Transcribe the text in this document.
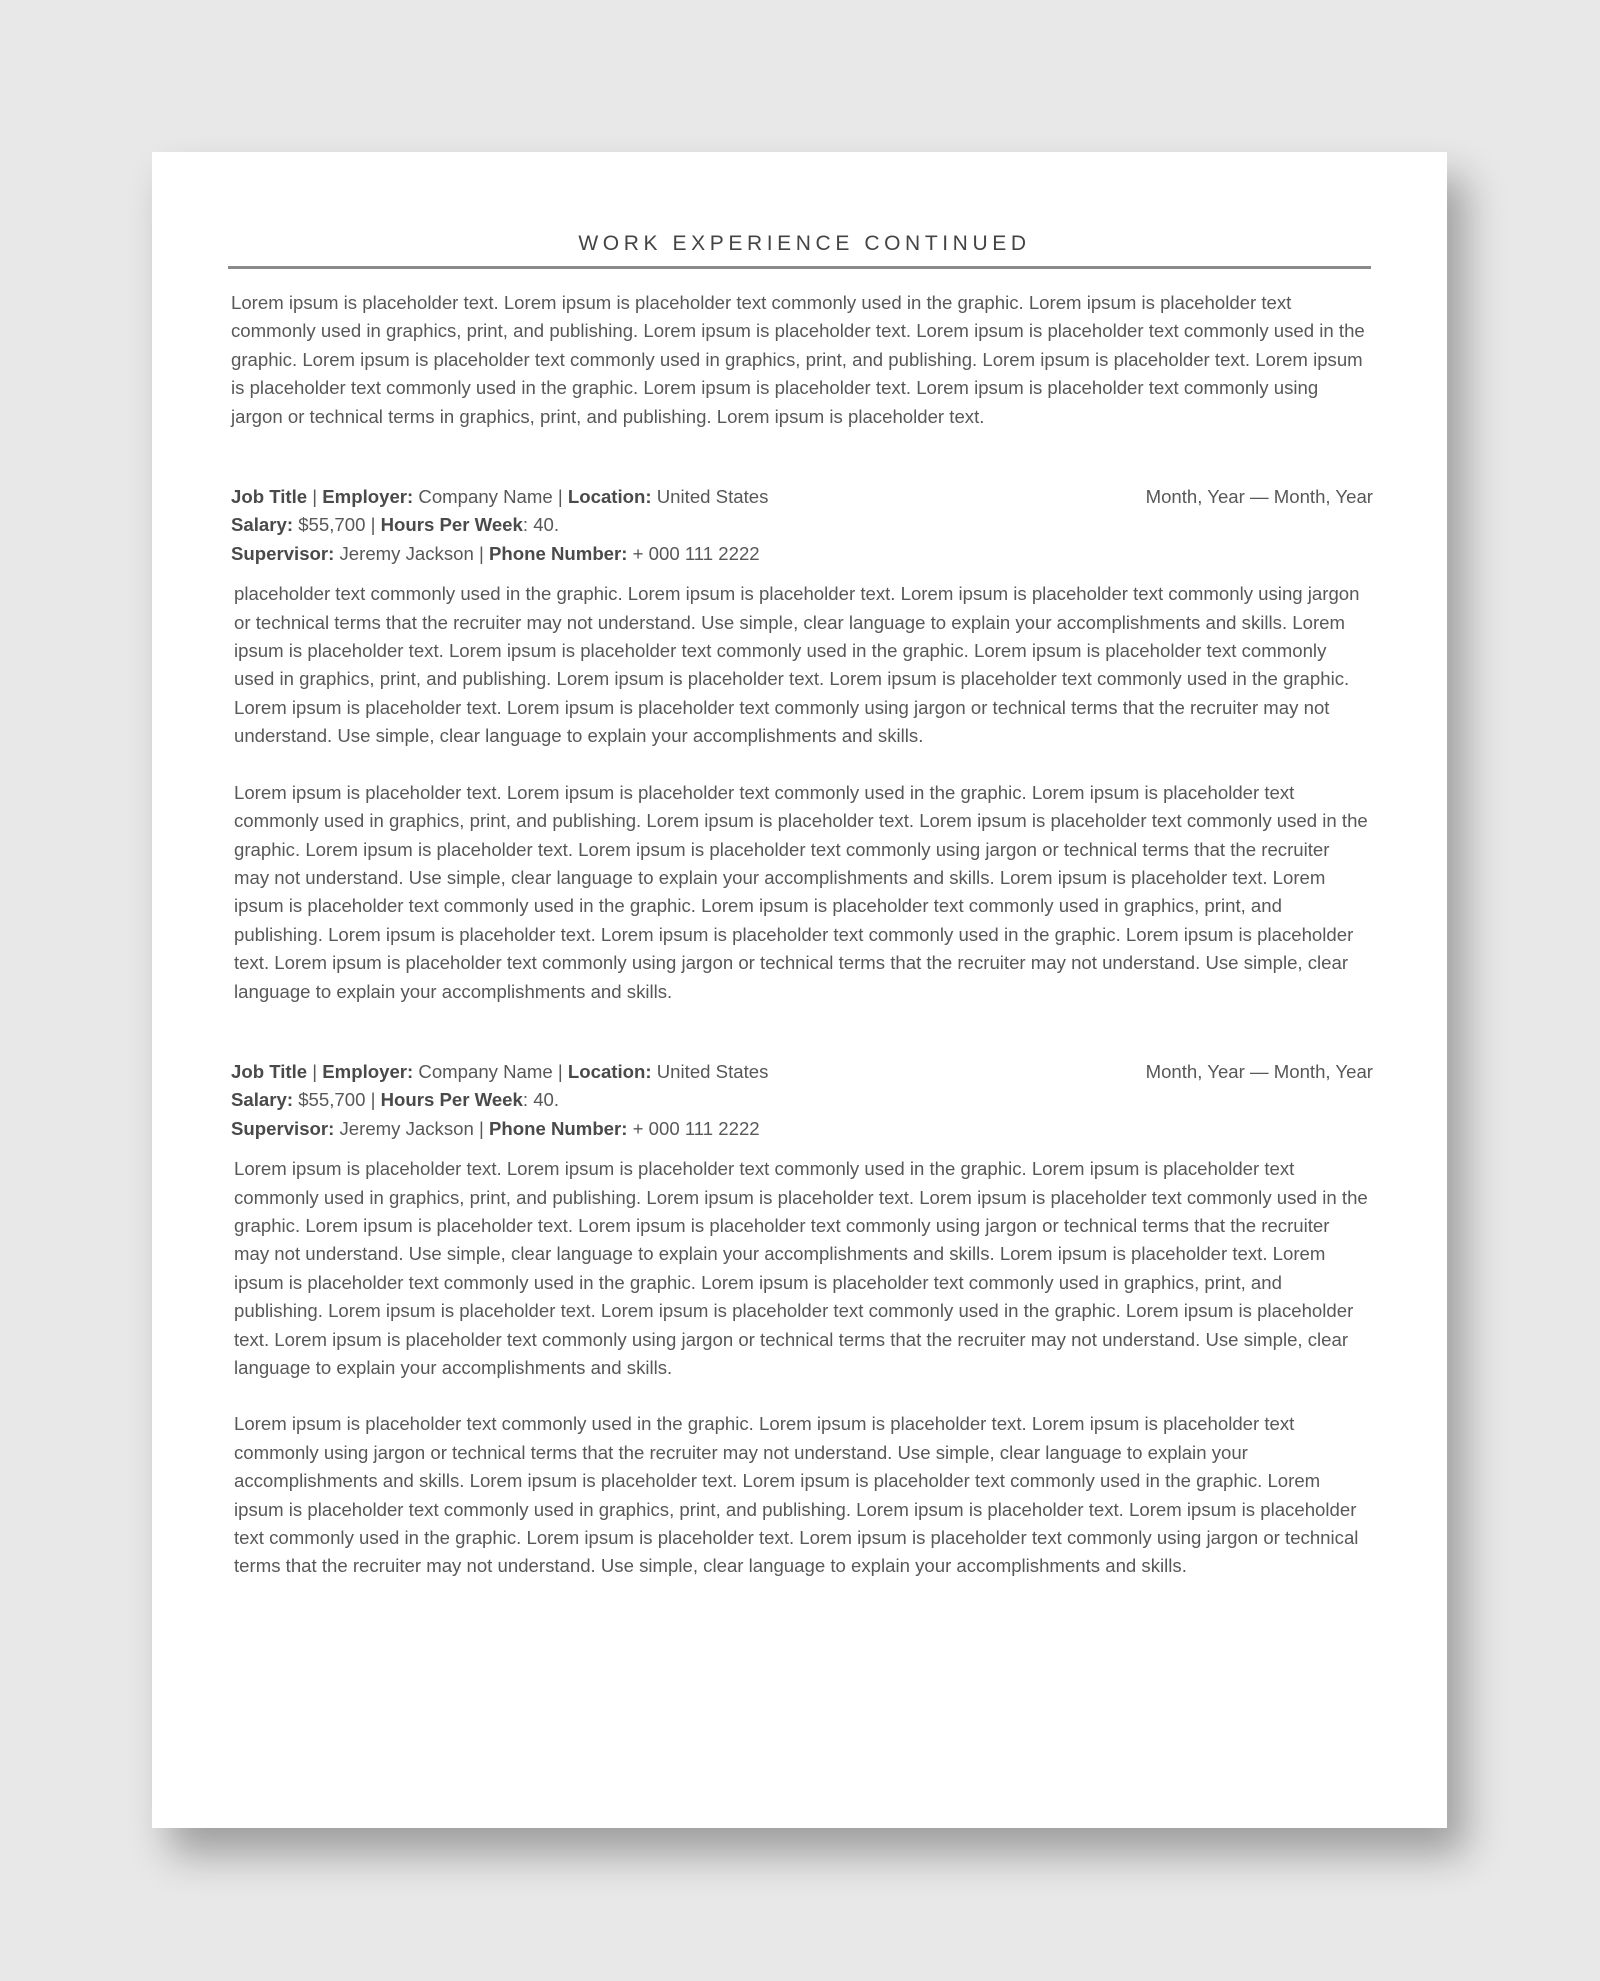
WORK EXPERIENCE CONTINUED

Lorem ipsum is placeholder text. Lorem ipsum is placeholder text commonly used in the graphic. Lorem ipsum is placeholder text commonly used in graphics, print, and publishing. Lorem ipsum is placeholder text. Lorem ipsum is placeholder text commonly used in the graphic. Lorem ipsum is placeholder text commonly used in graphics, print, and publishing. Lorem ipsum is placeholder text. Lorem ipsum is placeholder text commonly used in the graphic. Lorem ipsum is placeholder text. Lorem ipsum is placeholder text commonly using jargon or technical terms in graphics, print, and publishing. Lorem ipsum is placeholder text.

Month, Year — Month, Year
Job Title | Employer: Company Name | Location: United States
Salary: $55,700 | Hours Per Week: 40.
Supervisor: Jeremy Jackson | Phone Number: + 000 111 2222

placeholder text commonly used in the graphic. Lorem ipsum is placeholder text. Lorem ipsum is placeholder text commonly using jargon or technical terms that the recruiter may not understand. Use simple, clear language to explain your accomplishments and skills. Lorem ipsum is placeholder text. Lorem ipsum is placeholder text commonly used in the graphic. Lorem ipsum is placeholder text commonly used in graphics, print, and publishing. Lorem ipsum is placeholder text. Lorem ipsum is placeholder text commonly used in the graphic. Lorem ipsum is placeholder text. Lorem ipsum is placeholder text commonly using jargon or technical terms that the recruiter may not understand. Use simple, clear language to explain your accomplishments and skills.

Lorem ipsum is placeholder text. Lorem ipsum is placeholder text commonly used in the graphic. Lorem ipsum is placeholder text commonly used in graphics, print, and publishing. Lorem ipsum is placeholder text. Lorem ipsum is placeholder text commonly used in the graphic. Lorem ipsum is placeholder text. Lorem ipsum is placeholder text commonly using jargon or technical terms that the recruiter may not understand. Use simple, clear language to explain your accomplishments and skills. Lorem ipsum is placeholder text. Lorem ipsum is placeholder text commonly used in the graphic. Lorem ipsum is placeholder text commonly used in graphics, print, and publishing. Lorem ipsum is placeholder text. Lorem ipsum is placeholder text commonly used in the graphic. Lorem ipsum is placeholder text. Lorem ipsum is placeholder text commonly using jargon or technical terms that the recruiter may not understand. Use simple, clear language to explain your accomplishments and skills.

Month, Year — Month, Year
Job Title | Employer: Company Name | Location: United States
Salary: $55,700 | Hours Per Week: 40.
Supervisor: Jeremy Jackson | Phone Number: + 000 111 2222

Lorem ipsum is placeholder text. Lorem ipsum is placeholder text commonly used in the graphic. Lorem ipsum is placeholder text commonly used in graphics, print, and publishing. Lorem ipsum is placeholder text. Lorem ipsum is placeholder text commonly used in the graphic. Lorem ipsum is placeholder text. Lorem ipsum is placeholder text commonly using jargon or technical terms that the recruiter may not understand. Use simple, clear language to explain your accomplishments and skills. Lorem ipsum is placeholder text. Lorem ipsum is placeholder text commonly used in the graphic. Lorem ipsum is placeholder text commonly used in graphics, print, and publishing. Lorem ipsum is placeholder text. Lorem ipsum is placeholder text commonly used in the graphic. Lorem ipsum is placeholder text. Lorem ipsum is placeholder text commonly using jargon or technical terms that the recruiter may not understand. Use simple, clear language to explain your accomplishments and skills.

Lorem ipsum is placeholder text commonly used in the graphic. Lorem ipsum is placeholder text. Lorem ipsum is placeholder text commonly using jargon or technical terms that the recruiter may not understand. Use simple, clear language to explain your accomplishments and skills. Lorem ipsum is placeholder text. Lorem ipsum is placeholder text commonly used in the graphic. Lorem ipsum is placeholder text commonly used in graphics, print, and publishing. Lorem ipsum is placeholder text. Lorem ipsum is placeholder text commonly used in the graphic. Lorem ipsum is placeholder text. Lorem ipsum is placeholder text commonly using jargon or technical terms that the recruiter may not understand. Use simple, clear language to explain your accomplishments and skills.
